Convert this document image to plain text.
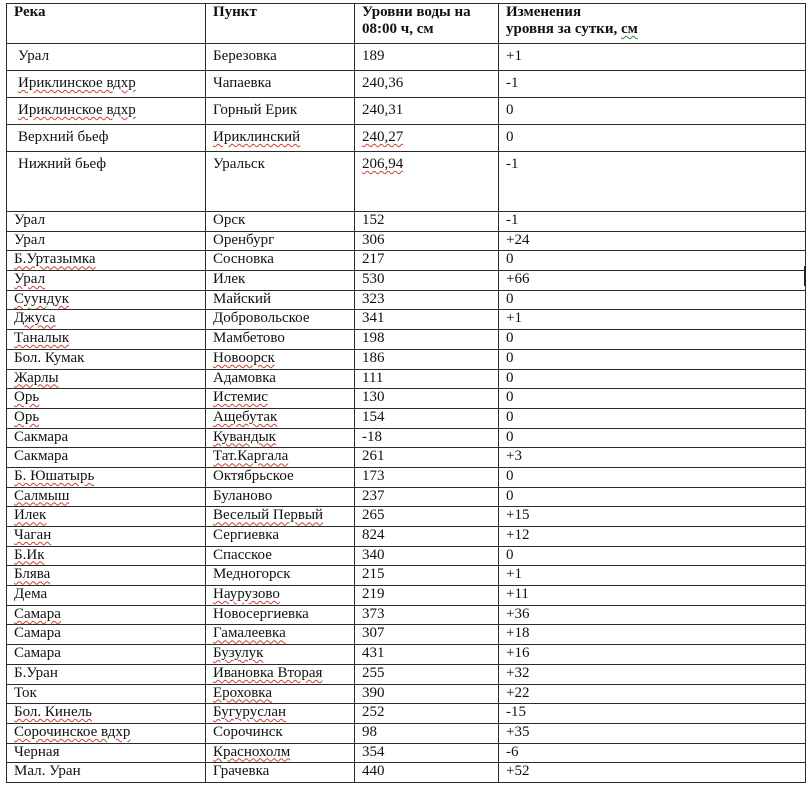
Река	Пункт	Уровни воды на 08:00 ч, см	Изменения
уровня за сутки, см
Урал	Березовка	189	+1
Ириклинское вдхр	Чапаевка	240,36	-1
Ириклинское вдхр	Горный Ерик	240,31	0
Верхний бьеф	Ириклинский	240,27	0
Нижний бьеф	Уральск	206,94	-1
Урал	Орск	152	-1
Урал	Оренбург	306	+24
Б.Уртазымка	Сосновка	217	0
Урал	Илек	530	+66
Суундук	Майский	323	0
Джуса	Добровольское	341	+1
Таналык	Мамбетово	198	0
Бол. Кумак	Новоорск	186	0
Жарлы	Адамовка	111	0
Орь	Истемис	130	0
Орь	Ащебутак	154	0
Сакмара	Кувандык	-18	0
Сакмара	Тат.Каргала	261	+3
Б. Юшатырь	Октябрьское	173	0
Салмыш	Буланово	237	0
Илек	Веселый Первый	265	+15
Чаган	Сергиевка	824	+12
Б.Ик	Спасское	340	0
Блява	Медногорск	215	+1
Дема	Наурузово	219	+11
Самара	Новосергиевка	373	+36
Самара	Гамалеевка	307	+18
Самара	Бузулук	431	+16
Б.Уран	Ивановка Вторая	255	+32
Ток	Ероховка	390	+22
Бол. Кинель	Бугуруслан	252	-15
Сорочинское вдхр	Сорочинск	98	+35
Черная	Краснохолм	354	-6
Мал. Уран	Грачевка	440	+52
